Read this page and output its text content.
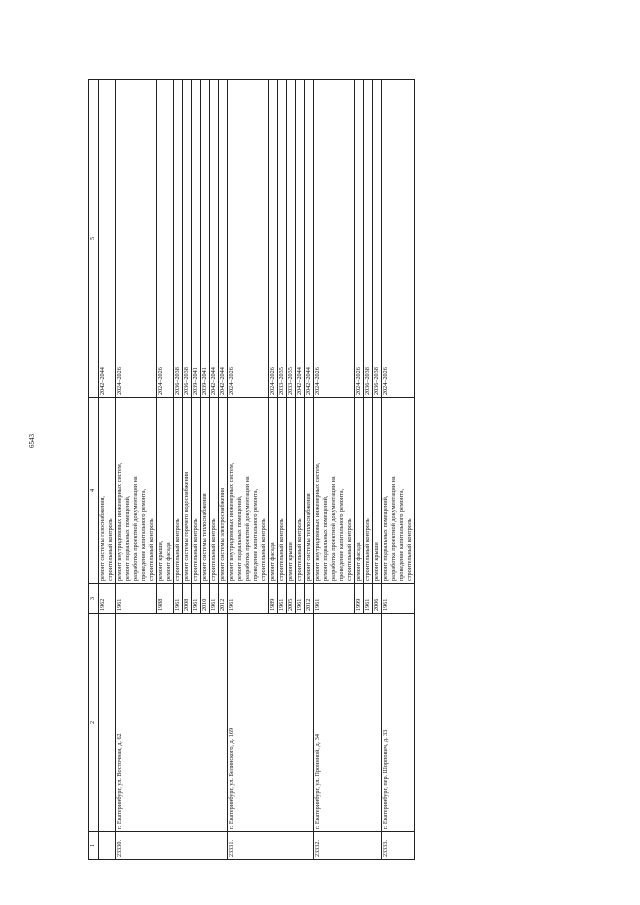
6543
1	2	3	4	5
		1962	ремонт системы газоснабжения,
строительный контроль	2042–2044
23330.	г. Екатеринбург, ул. Восточная, д. 62	1961	ремонт внутридомовых инженерных систем,
ремонт подвальных помещений,
разработка проектной документации на
проведение капитального ремонта,
строительный контроль	2024–2026
		1988	ремонт крыши,
ремонт фасада	2024–2026
		1961	строительный контроль	2036–2038
		2008	ремонт системы горячего водоснабжения	2036–2038
		1961	строительный контроль	2039–2041
		2010	ремонт системы теплоснабжения	2039–2041
		1961	строительный контроль	2042–2044
		2012	ремонт системы электроснабжения	2042–2044
23331.	г. Екатеринбург, ул. Белинского, д. 169	1961	ремонт внутридомовых инженерных систем,
ремонт подвальных помещений,
разработка проектной документации на
проведение капитального ремонта,
строительный контроль	2024–2026
		1989	ремонт фасада	2024–2026
		1961	строительный контроль	2033–2035
		2005	ремонт крыши	2033–2035
		1961	строительный контроль	2042–2044
		2012	ремонт системы теплоснабжения	2042–2044
23332.	г. Екатеринбург, ул. Проннной, д. 34	1961	ремонт внутридомовых инженерных систем,
ремонт подвальных помещений,
разработка проектной документации на
проведение капитального ремонта,
строительный контроль	2024–2026
		1999	ремонт фасада	2024–2026
		1961	строительный контроль	2036–2038
		2006	ремонт крыши	2036–2038
23333.	г. Екатеринбург, пер. Шорпович, д. 33	1961	ремонт подвальных помещений,
разработка проектной документации на
проведение капитального ремонта,
строительный контроль	2024–2026
